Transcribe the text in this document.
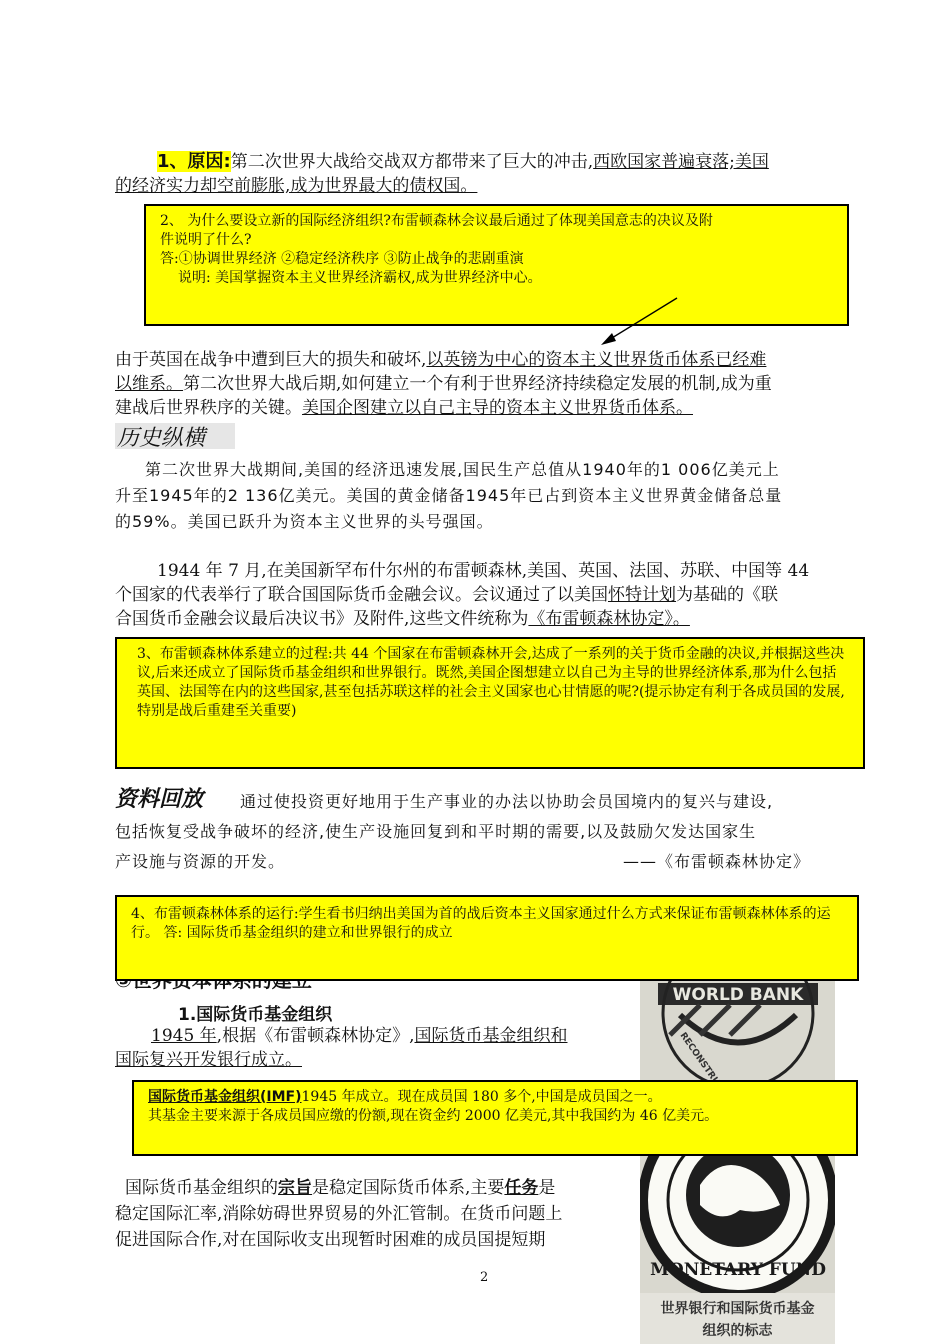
1、原因:第二次世界大战给交战双方都带来了巨大的冲击,西欧国家普遍衰落;美国
的经济实力却空前膨胀,成为世界最大的债权国。
2、 为什么要设立新的国际经济组织?布雷顿森林会议最后通过了体现美国意志的决议及附
件说明了什么?
答:①协调世界经济 ②稳定经济秩序 ③防止战争的悲剧重演
说明: 美国掌握资本主义世界经济霸权,成为世界经济中心。
由于英国在战争中遭到巨大的损失和破坏,以英镑为中心的资本主义世界货币体系已经难
以维系。第二次世界大战后期,如何建立一个有利于世界经济持续稳定发展的机制,成为重
建战后世界秩序的关键。美国企图建立以自己主导的资本主义世界货币体系。
历史纵横
第二次世界大战期间,美国的经济迅速发展,国民生产总值从1940年的1 006亿美元上
升至1945年的2 136亿美元。美国的黄金储备1945年已占到资本主义世界黄金储备总量
的59%。美国已跃升为资本主义世界的头号强国。
1944 年 7 月,在美国新罕布什尔州的布雷顿森林,美国、英国、法国、苏联、中国等 44
个国家的代表举行了联合国国际货币金融会议。会议通过了以美国怀特计划为基础的《联
合国货币金融会议最后决议书》及附件,这些文件统称为《布雷顿森林协定》。
3、布雷顿森林体系建立的过程:共 44 个国家在布雷顿森林开会,达成了一系列的关于货币金融的决议,并根据这些决议,后来还成立了国际货币基金组织和世界银行。既然,美国企图想建立以自己为主导的世界经济体系,那为什么包括英国、法国等在内的这些国家,甚至包括苏联这样的社会主义国家也心甘情愿的呢?(提示协定有利于各成员国的发展,特别是战后重建至关重要)
资料回放	通过使投资更好地用于生产事业的办法以协助会员国境内的复兴与建设,
包括恢复受战争破坏的经济,使生产设施回复到和平时期的需要,以及鼓励欠发达国家生
产设施与资源的开发。	——《布雷顿森林协定》
WORLD BANK
MONETARY FUND
世界银行和国际货币基金
组织的标志
4、布雷顿森林体系的运行:学生看书归纳出美国为首的战后资本主义国家通过什么方式来保证布雷顿森林体系的运行。 答: 国际货币基金组织的建立和世界银行的成立
1.国际货币基金组织
1945 年,根据《布雷顿森林协定》,国际货币基金组织和
国际复兴开发银行成立。
国际货币基金组织(IMF)1945 年成立。现在成员国 180 多个,中国是成员国之一。
其基金主要来源于各成员国应缴的份额,现在资金约 2000 亿美元,其中我国约为 46 亿美元。
国际货币基金组织的宗旨是稳定国际货币体系,主要任务是
稳定国际汇率,消除妨碍世界贸易的外汇管制。在货币问题上
促进国际合作,对在国际收支出现暂时困难的成员国提短期
2
